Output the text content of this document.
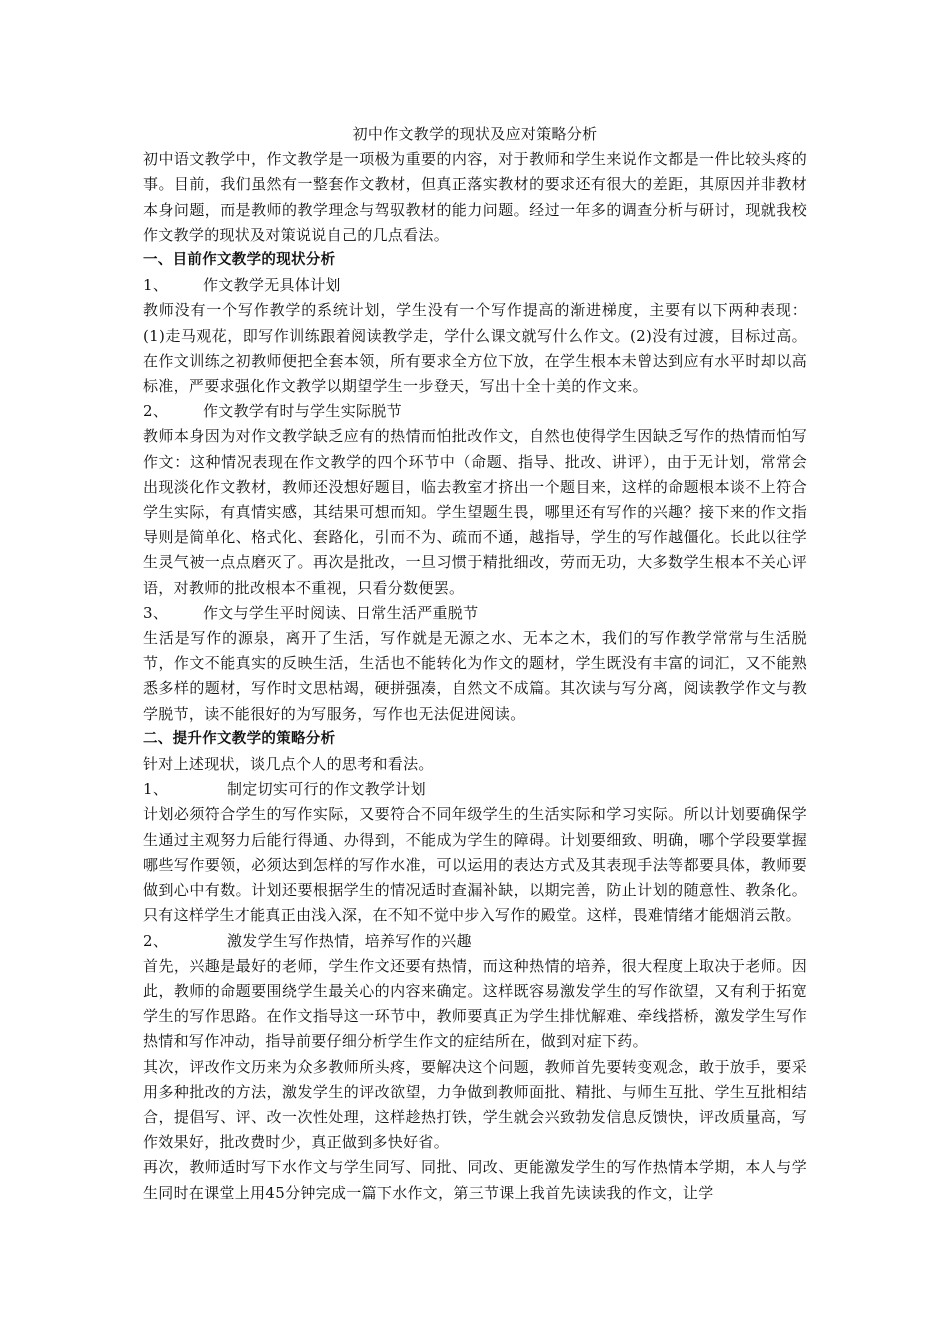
初中作文教学的现状及应对策略分析

初中语文教学中，作文教学是一项极为重要的内容，对于教师和学生来说作文都是一件比较头疼的事。目前，我们虽然有一整套作文教材，但真正落实教材的要求还有很大的差距，其原因并非教材本身问题，而是教师的教学理念与驾驭教材的能力问题。经过一年多的调查分析与研讨，现就我校作文教学的现状及对策说说自己的几点看法。

一、目前作文教学的现状分析

1、 作文教学无具体计划

教师没有一个写作教学的系统计划，学生没有一个写作提高的渐进梯度，主要有以下两种表现：(1)走马观花，即写作训练跟着阅读教学走，学什么课文就写什么作文。(2)没有过渡，目标过高。在作文训练之初教师便把全套本领，所有要求全方位下放，在学生根本未曾达到应有水平时却以高标准，严要求强化作文教学以期望学生一步登天，写出十全十美的作文来。

2、 作文教学有时与学生实际脱节

教师本身因为对作文教学缺乏应有的热情而怕批改作文，自然也使得学生因缺乏写作的热情而怕写作文：这种情况表现在作文教学的四个环节中（命题、指导、批改、讲评），由于无计划，常常会出现淡化作文教材，教师还没想好题目，临去教室才挤出一个题目来，这样的命题根本谈不上符合学生实际，有真情实感，其结果可想而知。学生望题生畏，哪里还有写作的兴趣？接下来的作文指导则是简单化、格式化、套路化，引而不为、疏而不通，越指导，学生的写作越僵化。长此以往学生灵气被一点点磨灭了。再次是批改，一旦习惯于精批细改，劳而无功，大多数学生根本不关心评语，对教师的批改根本不重视，只看分数便罢。

3、 作文与学生平时阅读、日常生活严重脱节

生活是写作的源泉，离开了生活，写作就是无源之水、无本之木，我们的写作教学常常与生活脱节，作文不能真实的反映生活，生活也不能转化为作文的题材，学生既没有丰富的词汇，又不能熟悉多样的题材，写作时文思枯竭，硬拼强凑，自然文不成篇。其次读与写分离，阅读教学作文与教学脱节，读不能很好的为写服务，写作也无法促进阅读。

二、提升作文教学的策略分析

针对上述现状，谈几点个人的思考和看法。

1、	制定切实可行的作文教学计划

计划必须符合学生的写作实际，又要符合不同年级学生的生活实际和学习实际。所以计划要确保学生通过主观努力后能行得通、办得到，不能成为学生的障碍。计划要细致、明确，哪个学段要掌握哪些写作要领，必须达到怎样的写作水准，可以运用的表达方式及其表现手法等都要具体，教师要做到心中有数。计划还要根据学生的情况适时查漏补缺，以期完善，防止计划的随意性、教条化。只有这样学生才能真正由浅入深，在不知不觉中步入写作的殿堂。这样，畏难情绪才能烟消云散。

2、	激发学生写作热情，培养写作的兴趣

首先，兴趣是最好的老师，学生作文还要有热情，而这种热情的培养，很大程度上取决于老师。因此，教师的命题要围绕学生最关心的内容来确定。这样既容易激发学生的写作欲望，又有利于拓宽学生的写作思路。在作文指导这一环节中，教师要真正为学生排忧解难、牵线搭桥，激发学生写作热情和写作冲动，指导前要仔细分析学生作文的症结所在，做到对症下药。

其次，评改作文历来为众多教师所头疼，要解决这个问题，教师首先要转变观念，敢于放手，要采用多种批改的方法，激发学生的评改欲望，力争做到教师面批、精批、与师生互批、学生互批相结合，提倡写、评、改一次性处理，这样趁热打铁，学生就会兴致勃发信息反馈快，评改质量高，写作效果好，批改费时少，真正做到多快好省。

再次，教师适时写下水作文与学生同写、同批、同改、更能激发学生的写作热情本学期，本人与学生同时在课堂上用45分钟完成一篇下水作文，第三节课上我首先读读我的作文，让学
